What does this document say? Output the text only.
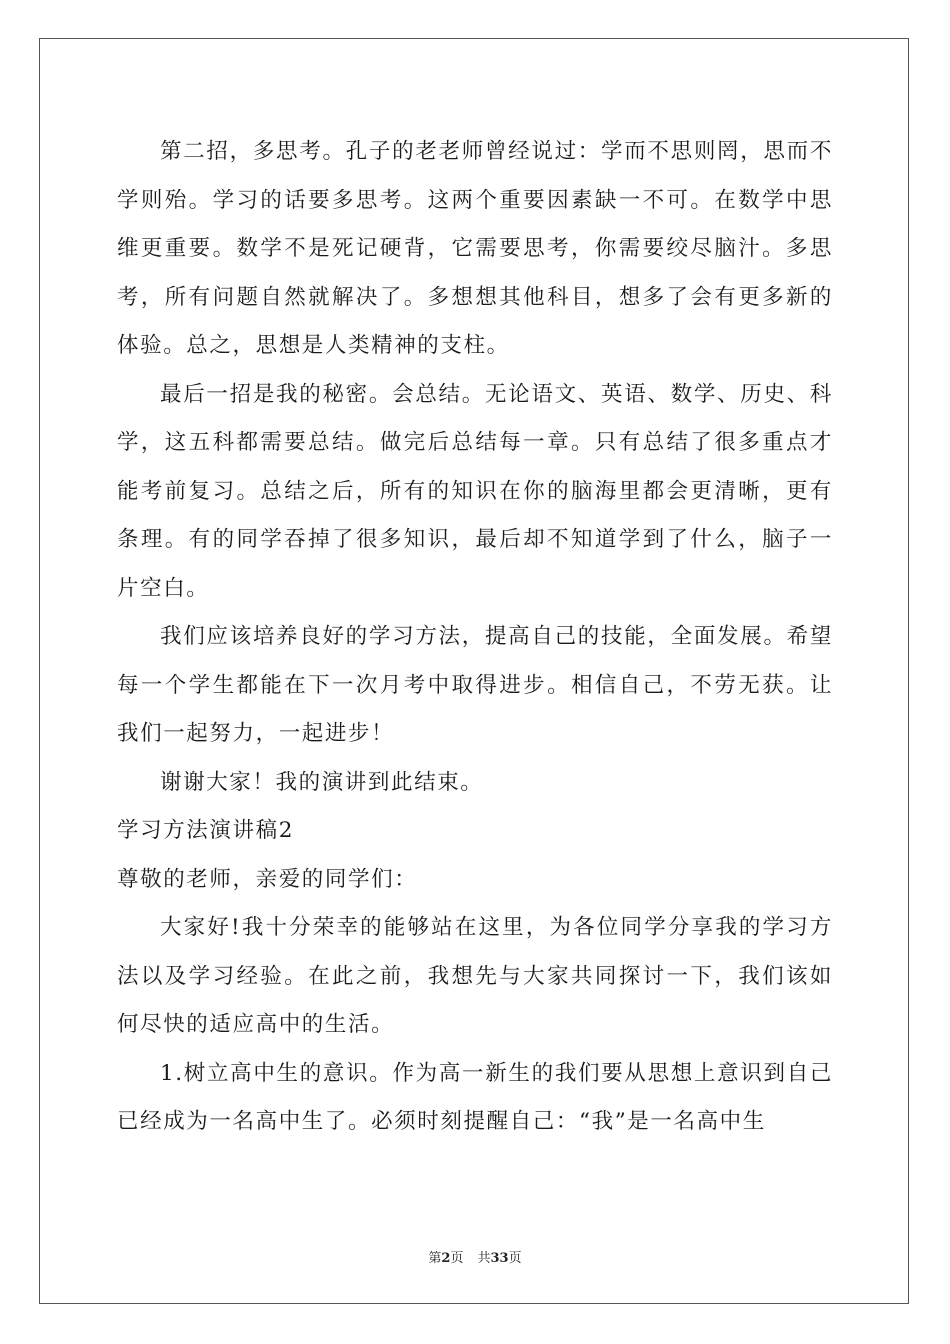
第二招，多思考。孔子的老老师曾经说过：学而不思则罔，思而不学则殆。学习的话要多思考。这两个重要因素缺一不可。在数学中思维更重要。数学不是死记硬背，它需要思考，你需要绞尽脑汁。多思考，所有问题自然就解决了。多想想其他科目，想多了会有更多新的体验。总之，思想是人类精神的支柱。

最后一招是我的秘密。会总结。无论语文、英语、数学、历史、科学，这五科都需要总结。做完后总结每一章。只有总结了很多重点才能考前复习。总结之后，所有的知识在你的脑海里都会更清晰，更有条理。有的同学吞掉了很多知识，最后却不知道学到了什么，脑子一片空白。

我们应该培养良好的学习方法，提高自己的技能，全面发展。希望每一个学生都能在下一次月考中取得进步。相信自己，不劳无获。让我们一起努力，一起进步！

谢谢大家！我的演讲到此结束。

学习方法演讲稿2

尊敬的老师，亲爱的同学们：

大家好!我十分荣幸的能够站在这里，为各位同学分享我的学习方法以及学习经验。在此之前，我想先与大家共同探讨一下，我们该如何尽快的适应高中的生活。

1.树立高中生的意识。作为高一新生的我们要从思想上意识到自己已经成为一名高中生了。必须时刻提醒自己：“我”是一名高中生

第2页 共33页
